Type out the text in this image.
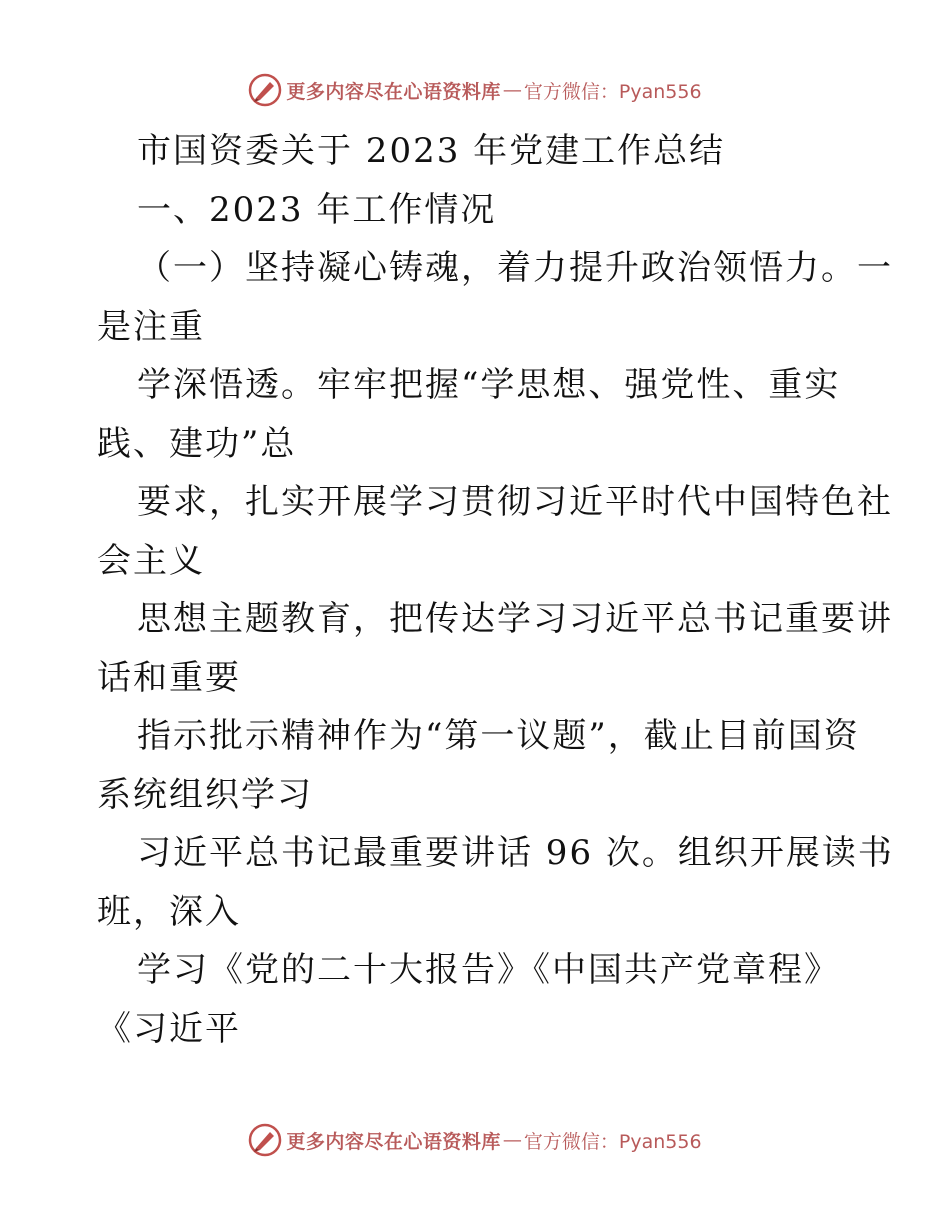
更多内容尽在心语资料库 — 官方微信：Pyan556
市国资委关于 2023 年党建工作总结
一、2023 年工作情况
（一）坚持凝心铸魂，着力提升政治领悟力。一
是注重
学深悟透。牢牢把握“学思想、强党性、重实
践、建功”总
要求，扎实开展学习贯彻习近平时代中国特色社
会主义
思想主题教育，把传达学习习近平总书记重要讲
话和重要
指示批示精神作为“第一议题”，截止目前国资
系统组织学习
习近平总书记最重要讲话 96 次。组织开展读书
班，深入
学习《党的二十大报告》《中国共产党章程》
《习近平
更多内容尽在心语资料库 — 官方微信：Pyan556
